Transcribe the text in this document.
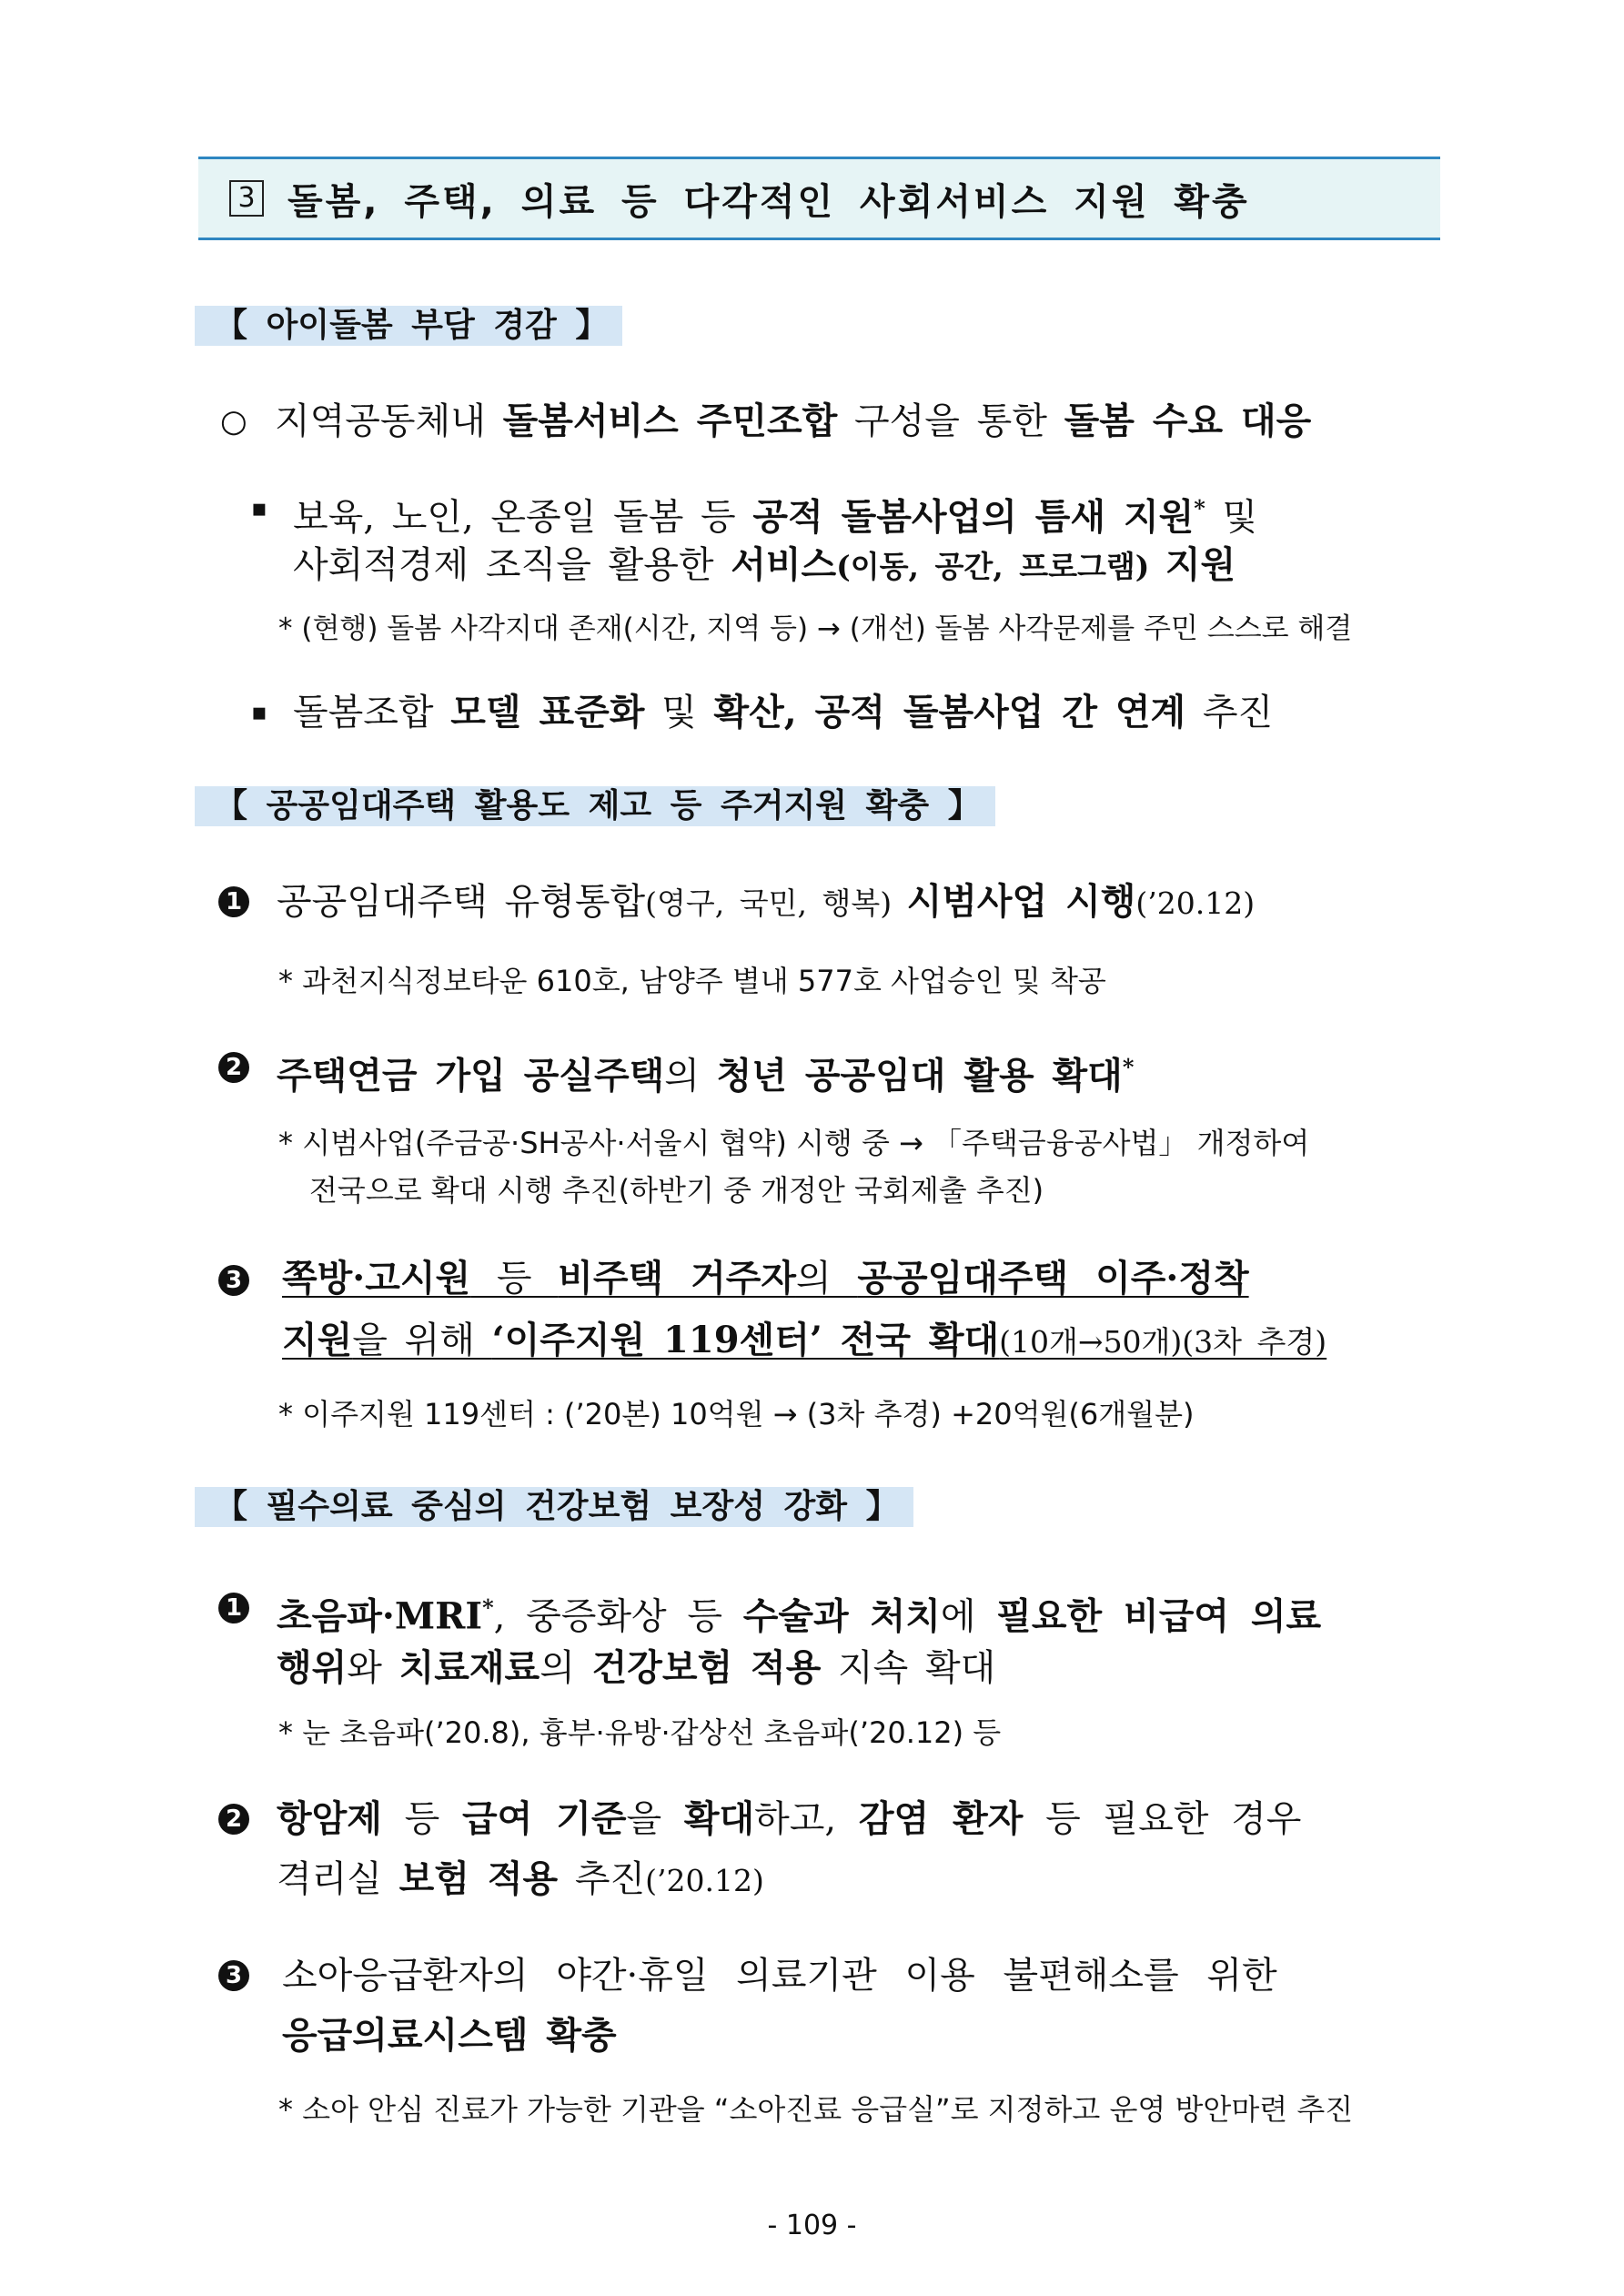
3 돌봄, 주택, 의료 등 다각적인 사회서비스 지원 확충
【 아이돌봄 부담 경감 】
○ 지역공동체내 돌봄서비스 주민조합 구성을 통한 돌봄 수요 대응
▪ 보육, 노인, 온종일 돌봄 등 공적 돌봄사업의 틈새 지원* 및
사회적경제 조직을 활용한 서비스(이동, 공간, 프로그램) 지원
* (현행) 돌봄 사각지대 존재(시간, 지역 등) → (개선) 돌봄 사각문제를 주민 스스로 해결
▪ 돌봄조합 모델 표준화 및 확산, 공적 돌봄사업 간 연계 추진
【 공공임대주택 활용도 제고 등 주거지원 확충 】
1 공공임대주택 유형통합(영구, 국민, 행복) 시범사업 시행(’20.12)
* 과천지식정보타운 610호, 남양주 별내 577호 사업승인 및 착공
2 주택연금 가입 공실주택의 청년 공공임대 활용 확대*
* 시범사업(주금공·SH공사·서울시 협약) 시행 중 → 「주택금융공사법」 개정하여
전국으로 확대 시행 추진(하반기 중 개정안 국회제출 추진)
3 쪽방·고시원 등 비주택 거주자의 공공임대주택 이주·정착
지원을 위해 ‘이주지원 119센터’ 전국 확대(10개→50개)(3차 추경)
* 이주지원 119센터 : (’20본) 10억원 → (3차 추경) +20억원(6개월분)
【 필수의료 중심의 건강보험 보장성 강화 】
1 초음파·MRI*, 중증화상 등 수술과 처치에 필요한 비급여 의료
행위와 치료재료의 건강보험 적용 지속 확대
* 눈 초음파(’20.8), 흉부·유방·갑상선 초음파(’20.12) 등
2 항암제 등 급여 기준을 확대하고, 감염 환자 등 필요한 경우
격리실 보험 적용 추진(’20.12)
3 소아응급환자의 야간·휴일 의료기관 이용 불편해소를 위한
응급의료시스템 확충
* 소아 안심 진료가 가능한 기관을 “소아진료 응급실”로 지정하고 운영 방안마련 추진
- 109 -
